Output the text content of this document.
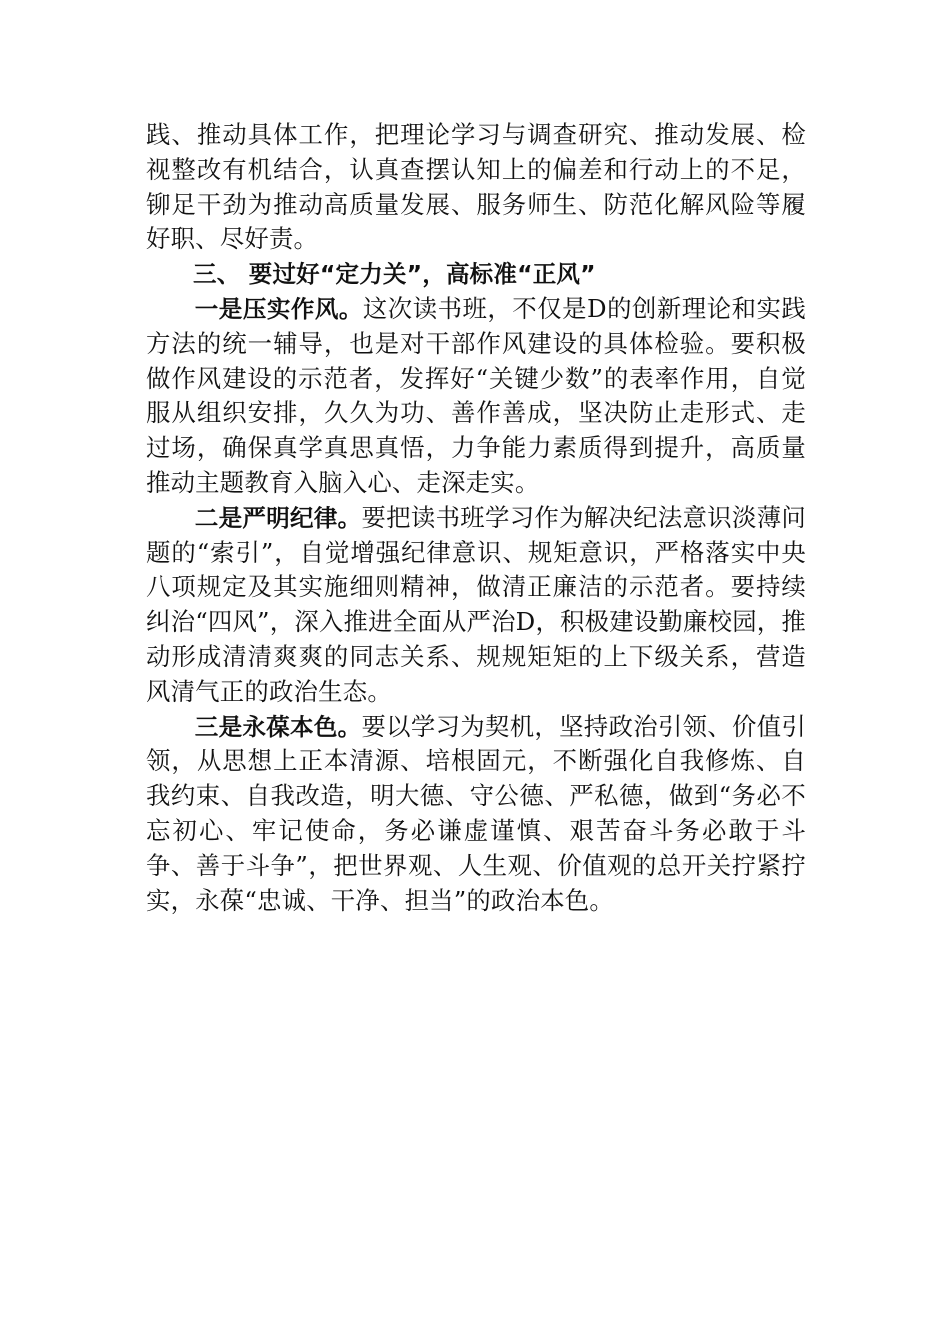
践、推动具体工作，把理论学习与调查研究、推动发展、检视整改有机结合，认真查摆认知上的偏差和行动上的不足，铆足干劲为推动高质量发展、服务师生、防范化解风险等履好职、尽好责。

三、 要过好“定力关”，高标准“正风”

一是压实作风。这次读书班，不仅是D的创新理论和实践方法的统一辅导，也是对干部作风建设的具体检验。要积极做作风建设的示范者，发挥好“关键少数”的表率作用，自觉服从组织安排，久久为功、善作善成，坚决防止走形式、走过场，确保真学真思真悟，力争能力素质得到提升，高质量推动主题教育入脑入心、走深走实。

二是严明纪律。要把读书班学习作为解决纪法意识淡薄问题的“索引”，自觉增强纪律意识、规矩意识，严格落实中央八项规定及其实施细则精神，做清正廉洁的示范者。要持续纠治“四风”，深入推进全面从严治D，积极建设勤廉校园，推动形成清清爽爽的同志关系、规规矩矩的上下级关系，营造风清气正的政治生态。

三是永葆本色。要以学习为契机，坚持政治引领、价值引领，从思想上正本清源、培根固元，不断强化自我修炼、自我约束、自我改造，明大德、守公德、严私德，做到“务必不忘初心、牢记使命，务必谦虚谨慎、艰苦奋斗务必敢于斗争、善于斗争”，把世界观、人生观、价值观的总开关拧紧拧实，永葆“忠诚、干净、担当”的政治本色。
